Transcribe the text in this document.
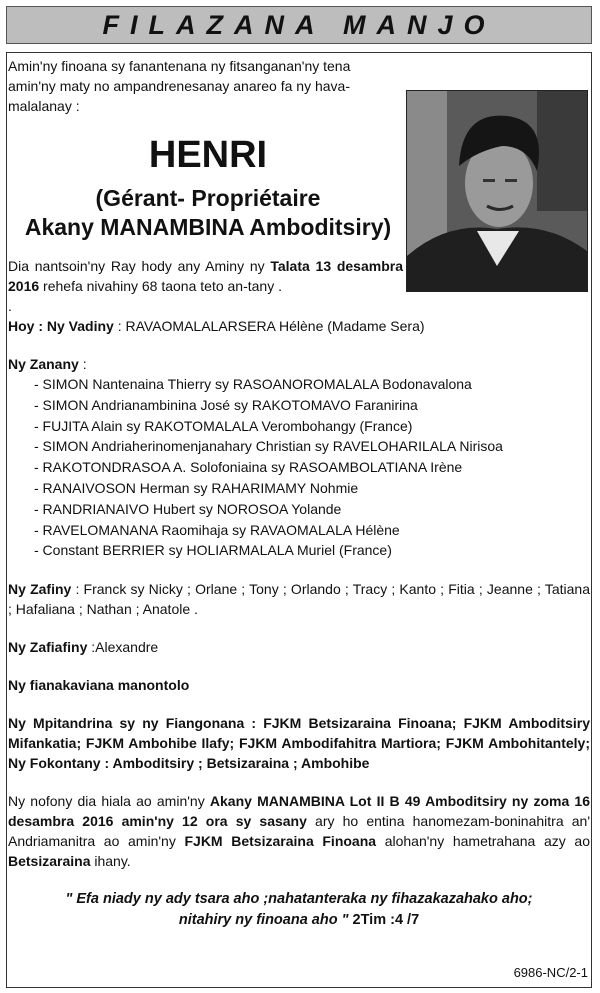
FILAZANA MANJO

Amin'ny finoana sy fanantenana ny fitsanganan'ny tena amin'ny maty no ampandrenesanay anareo fa ny hava-malalanay :

HENRI

(Gérant- Propriétaire
Akany MANAMBINA Amboditsiry)

Dia nantsoin'ny Ray hody any Aminy ny Talata 13 desambra 2016 rehefa nivahiny 68 taona teto an-tany .

.

Hoy : Ny Vadiny : RAVAOMALALARSERA Hélène (Madame Sera)

Ny Zanany :

- SIMON Nantenaina Thierry sy RASOANOROMALALA Bodonavalona
- SIMON Andrianambinina José sy RAKOTOMAVO Faranirina
- FUJITA Alain sy RAKOTOMALALA Verombohangy (France)
- SIMON Andriaherinomenjanahary Christian sy RAVELOHARILALA Nirisoa
- RAKOTONDRASOA A. Solofoniaina sy RASOAMBOLATIANA Irène
- RANAIVOSON Herman sy RAHARIMAMY Nohmie
- RANDRIANAIVO Hubert sy NOROSOA Yolande
- RAVELOMANANA Raomihaja sy RAVAOMALALA Hélène
- Constant BERRIER sy HOLIARMALALA Muriel (France)

Ny Zafiny : Franck sy Nicky ; Orlane ; Tony ; Orlando ; Tracy ; Kanto ; Fitia ; Jeanne ; Tatiana ; Hafaliana ; Nathan ; Anatole .

Ny Zafiafiny :Alexandre

Ny fianakaviana manontolo

Ny Mpitandrina sy ny Fiangonana : FJKM Betsizaraina Finoana; FJKM Amboditsiry Mifankatia; FJKM Ambohibe Ilafy; FJKM Ambodifahitra Martiora; FJKM Ambohitantely; Ny Fokontany : Amboditsiry ; Betsizaraina ; Ambohibe

Ny nofony dia hiala ao amin'ny Akany MANAMBINA Lot II B 49 Amboditsiry ny zoma 16 desambra 2016 amin'ny 12 ora sy sasany ary ho entina hanomezam-boninahitra an' Andriamanitra ao amin'ny FJKM Betsizaraina Finoana alohan'ny hametrahana azy ao Betsizaraina ihany.

" Efa niady ny ady tsara aho ;nahatanteraka ny fihazakazahako aho;
nitahiry ny finoana aho " 2Tim :4 /7

6986-NC/2-1
